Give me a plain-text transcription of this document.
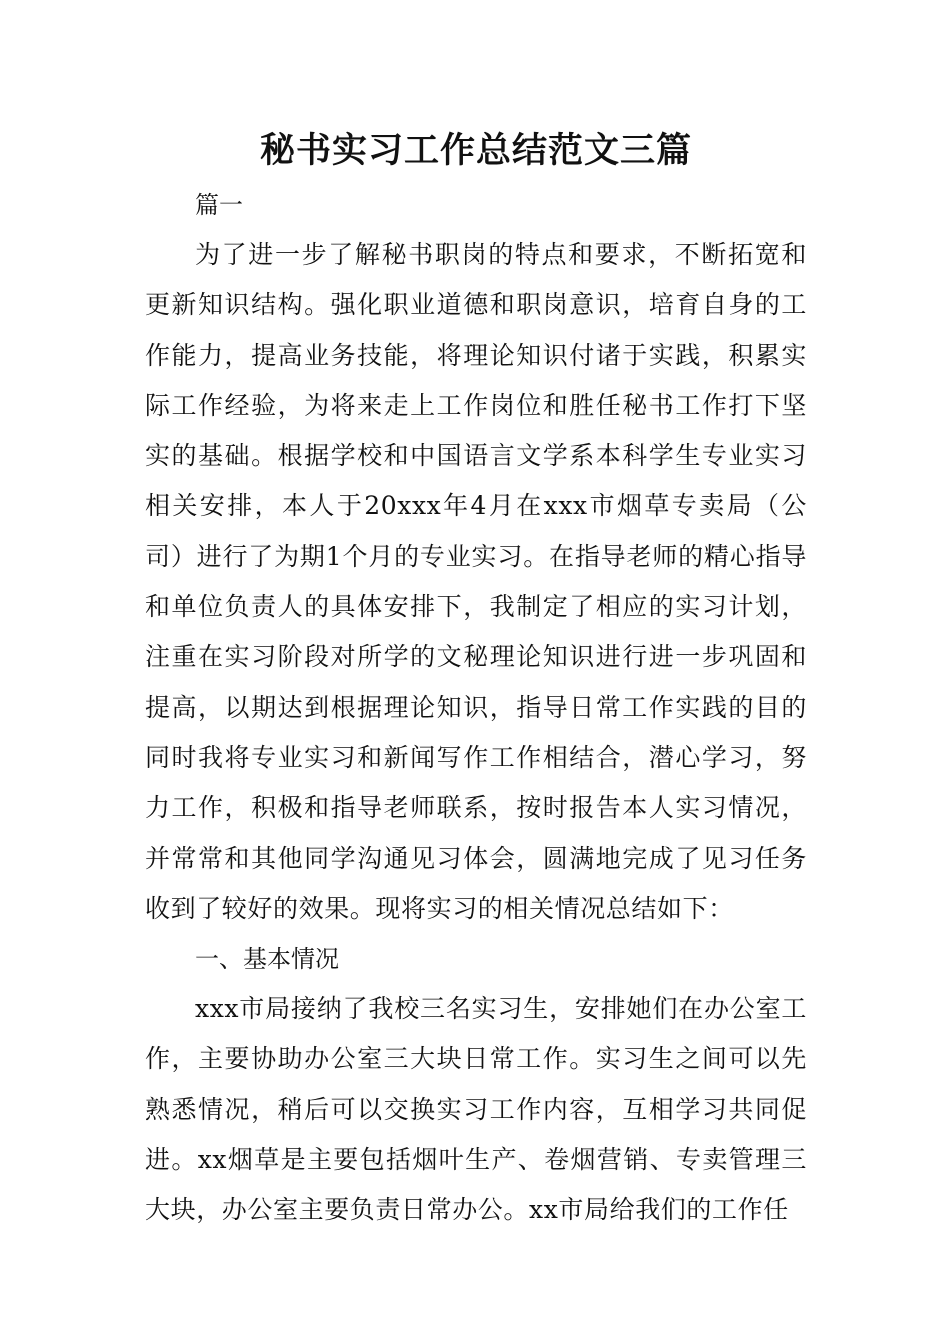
秘书实习工作总结范文三篇
篇一

为了进一步了解秘书职岗的特点和要求，不断拓宽和更新知识结构。强化职业道德和职岗意识，培育自身的工作能力，提高业务技能，将理论知识付诸于实践，积累实际工作经验，为将来走上工作岗位和胜任秘书工作打下坚实的基础。根据学校和中国语言文学系本科学生专业实习相关安排，本人于20xxx年4月在xxx市烟草专卖局（公司）进行了为期1个月的专业实习。在指导老师的精心指导和单位负责人的具体安排下，我制定了相应的实习计划，注重在实习阶段对所学的文秘理论知识进行进一步巩固和提高，以期达到根据理论知识，指导日常工作实践的目的同时我将专业实习和新闻写作工作相结合，潜心学习，努力工作，积极和指导老师联系，按时报告本人实习情况，并常常和其他同学沟通见习体会，圆满地完成了见习任务收到了较好的效果。现将实习的相关情况总结如下：

一、基本情况

xxx市局接纳了我校三名实习生，安排她们在办公室工作，主要协助办公室三大块日常工作。实习生之间可以先熟悉情况，稍后可以交换实习工作内容，互相学习共同促进。xx烟草是主要包括烟叶生产、卷烟营销、专卖管理三大块，办公室主要负责日常办公。xx市局给我们的工作任
